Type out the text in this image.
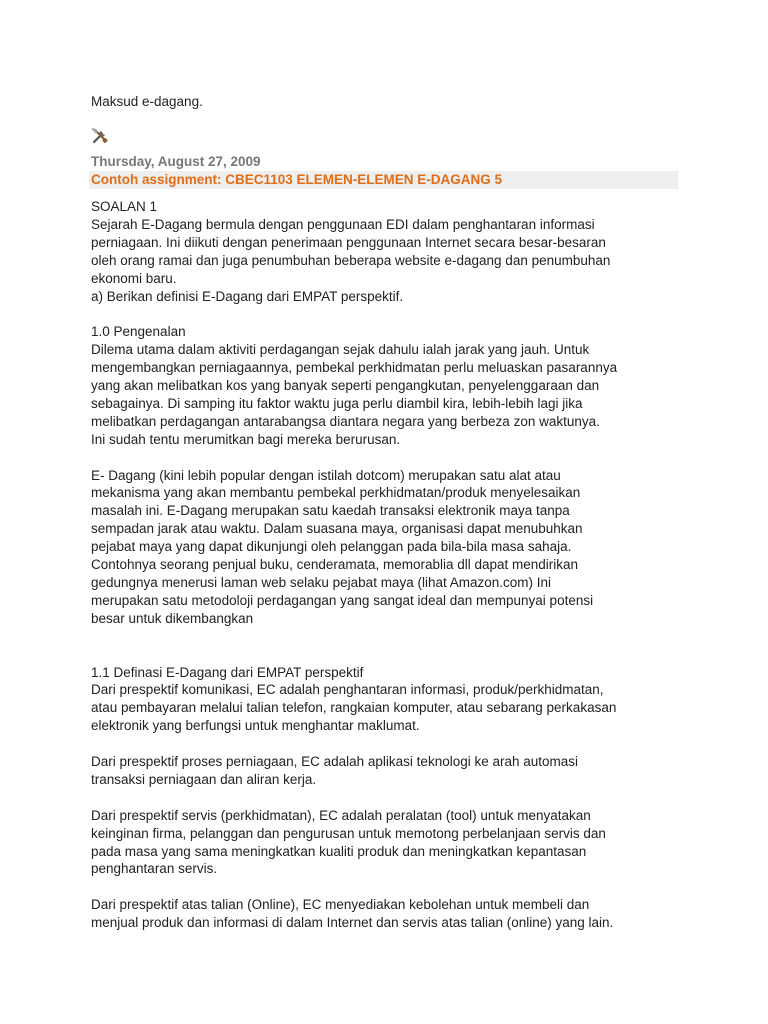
Maksud e-dagang.
Thursday, August 27, 2009
Contoh assignment: CBEC1103 ELEMEN-ELEMEN E-DAGANG 5
SOALAN 1
Sejarah E-Dagang bermula dengan penggunaan EDI dalam penghantaran informasi
perniagaan. Ini diikuti dengan penerimaan penggunaan Internet secara besar-besaran
oleh orang ramai dan juga penumbuhan beberapa website e-dagang dan penumbuhan
ekonomi baru.
a) Berikan definisi E-Dagang dari EMPAT perspektif.
1.0 Pengenalan
Dilema utama dalam aktiviti perdagangan sejak dahulu ialah jarak yang jauh. Untuk
mengembangkan perniagaannya, pembekal perkhidmatan perlu meluaskan pasarannya
yang akan melibatkan kos yang banyak seperti pengangkutan, penyelenggaraan dan
sebagainya. Di samping itu faktor waktu juga perlu diambil kira, lebih-lebih lagi jika
melibatkan perdagangan antarabangsa diantara negara yang berbeza zon waktunya.
Ini sudah tentu merumitkan bagi mereka berurusan.
E- Dagang (kini lebih popular dengan istilah dotcom) merupakan satu alat atau
mekanisma yang akan membantu pembekal perkhidmatan/produk menyelesaikan
masalah ini. E-Dagang merupakan satu kaedah transaksi elektronik maya tanpa
sempadan jarak atau waktu. Dalam suasana maya, organisasi dapat menubuhkan
pejabat maya yang dapat dikunjungi oleh pelanggan pada bila-bila masa sahaja.
Contohnya seorang penjual buku, cenderamata, memorablia dll dapat mendirikan
gedungnya menerusi laman web selaku pejabat maya (lihat Amazon.com) Ini
merupakan satu metodoloji perdagangan yang sangat ideal dan mempunyai potensi
besar untuk dikembangkan
1.1 Definasi E-Dagang dari EMPAT perspektif
Dari prespektif komunikasi, EC adalah penghantaran informasi, produk/perkhidmatan,
atau pembayaran melalui talian telefon, rangkaian komputer, atau sebarang perkakasan
elektronik yang berfungsi untuk menghantar maklumat.
Dari prespektif proses perniagaan, EC adalah aplikasi teknologi ke arah automasi
transaksi perniagaan dan aliran kerja.
Dari prespektif servis (perkhidmatan), EC adalah peralatan (tool) untuk menyatakan
keinginan firma, pelanggan dan pengurusan untuk memotong perbelanjaan servis dan
pada masa yang sama meningkatkan kualiti produk dan meningkatkan kepantasan
penghantaran servis.
Dari prespektif atas talian (Online), EC menyediakan kebolehan untuk membeli dan
menjual produk dan informasi di dalam Internet dan servis atas talian (online) yang lain.
